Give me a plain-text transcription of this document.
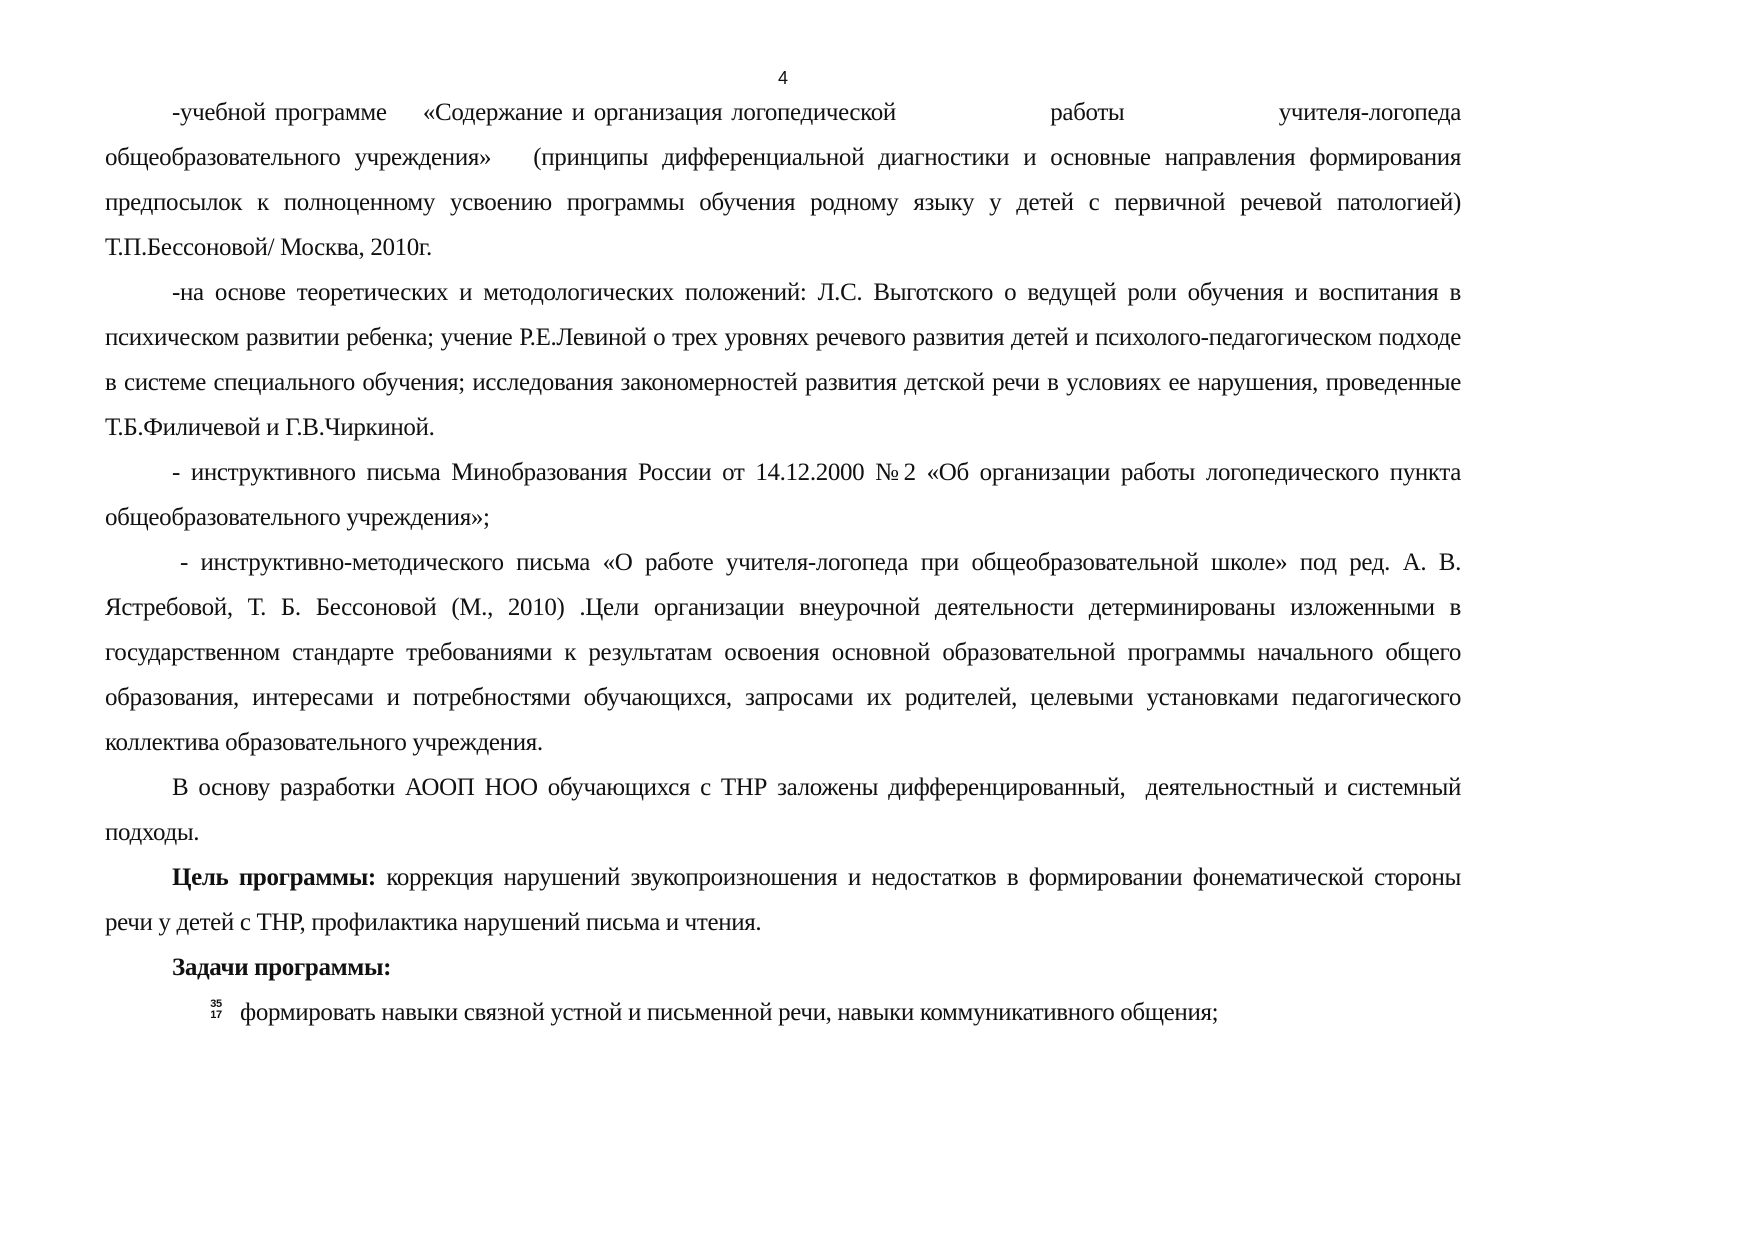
4

-учебной программе    «Содержание и организация логопедической                 работы                 учителя-логопеда общеобразовательного учреждения»   (принципы дифференциальной диагностики и основные направления формирования предпосылок к полноценному усвоению программы обучения родному языку у детей с первичной речевой патологией) Т.П.Бессоновой/ Москва, 2010г.

-на основе теоретических и методологических положений: Л.С. Выготского о ведущей роли обучения и воспитания в психическом развитии ребенка; учение Р.Е.Левиной о трех уровнях речевого развития детей и психолого-педагогическом подходе в системе специального обучения; исследования закономерностей развития детской речи в условиях ее нарушения, проведенные Т.Б.Филичевой и Г.В.Чиркиной.

- инструктивного письма Минобразования России от 14.12.2000 №2 «Об организации работы логопедического пункта общеобразовательного учреждения»;

- инструктивно-методического письма «О работе учителя-логопеда при общеобразовательной школе» под ред. А. В. Ястребовой, Т. Б. Бессоновой (М., 2010) .Цели организации внеурочной деятельности детерминированы изложенными в государственном стандарте требованиями к результатам освоения основной образовательной программы начального общего образования, интересами и потребностями обучающихся, запросами их родителей, целевыми установками педагогического коллектива образовательного учреждения.

В основу разработки АООП НОО обучающихся с ТНР заложены дифференцированный,  деятельностный и системный подходы.

Цель программы: коррекция нарушений звукопроизношения и недостатков в формировании фонематической стороны речи у детей с ТНР, профилактика нарушений письма и чтения.

Задачи программы:

35
17 формировать навыки связной устной и письменной речи, навыки коммуникативного общения;
